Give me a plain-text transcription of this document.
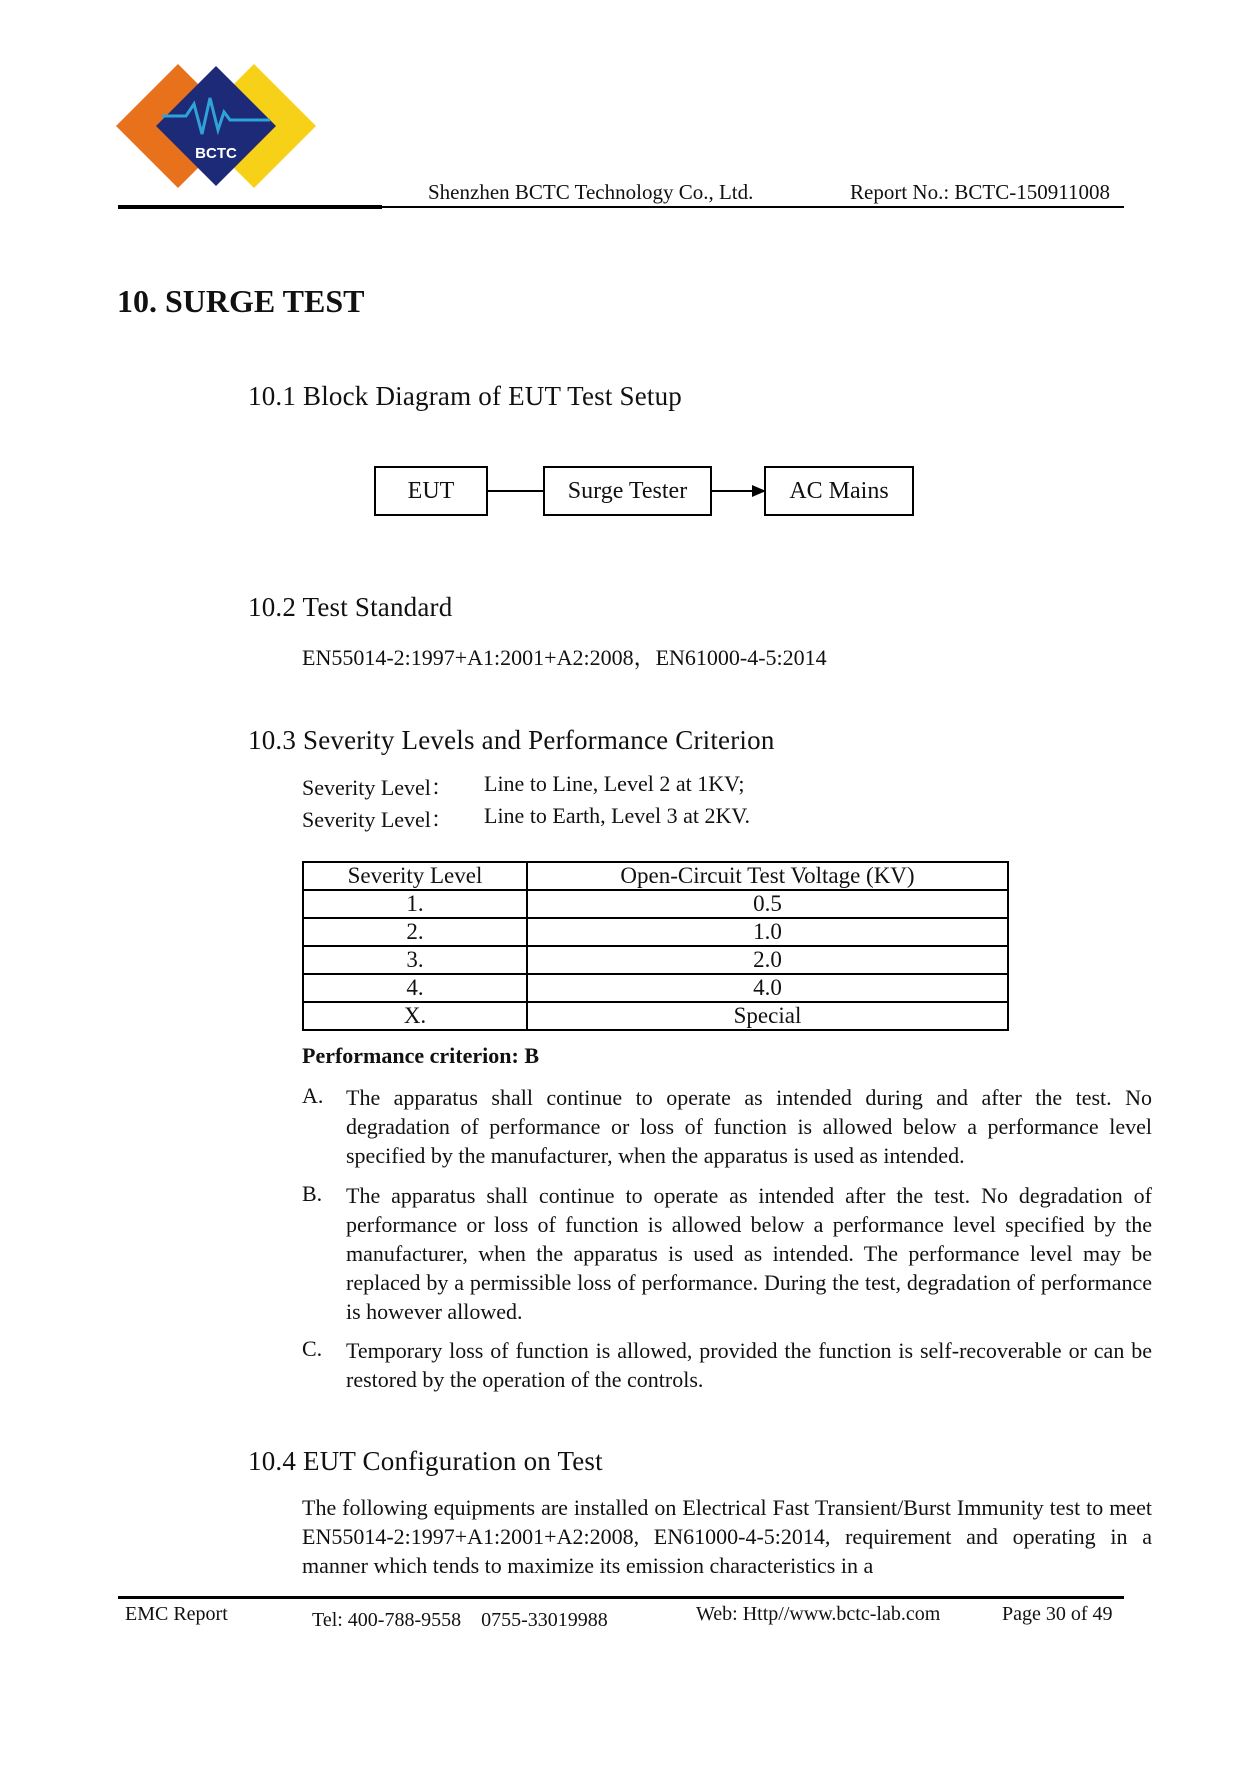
BCTC
Shenzhen BCTC Technology Co., Ltd.	Report No.: BCTC-150911008
10. SURGE TEST
10.1 Block Diagram of EUT Test Setup
EUT	Surge Tester	AC Mains
10.2 Test Standard
EN55014-2:1997+A1:2001+A2:2008，EN61000-4-5:2014
10.3 Severity Levels and Performance Criterion
Severity Level： Line to Line, Level 2 at 1KV;
Severity Level： Line to Earth, Level 3 at 2KV.
Severity Level	Open-Circuit Test Voltage (KV)
1.	0.5
2.	1.0
3.	2.0
4.	4.0
X.	Special
Performance criterion: B
A. The apparatus shall continue to operate as intended during and after the test. No degradation of performance or loss of function is allowed below a performance level specified by the manufacturer, when the apparatus is used as intended.
B. The apparatus shall continue to operate as intended after the test. No degradation of performance or loss of function is allowed below a performance level specified by the manufacturer, when the apparatus is used as intended. The performance level may be replaced by a permissible loss of performance. During the test, degradation of performance is however allowed.
C. Temporary loss of function is allowed, provided the function is self-recoverable or can be restored by the operation of the controls.
10.4 EUT Configuration on Test
The following equipments are installed on Electrical Fast Transient/Burst Immunity test to meet EN55014-2:1997+A1:2001+A2:2008, EN61000-4-5:2014, requirement and operating in a manner which tends to maximize its emission characteristics in a
EMC Report	Tel: 400-788-9558　0755-33019988	Web: Http//www.bctc-lab.com	Page 30 of 49
